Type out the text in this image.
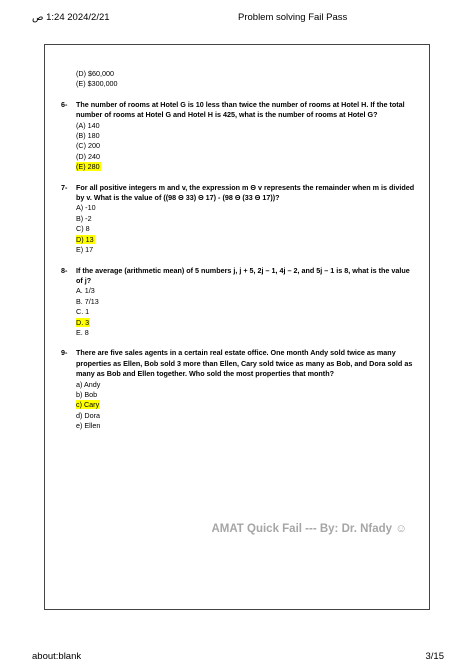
2024/2/21 1:24 ص	Problem solving Fail Pass
(D) $60,000
(E) $300,000
6-	The number of rooms at Hotel G is 10 less than twice the number of rooms at Hotel H. If the total number of rooms at Hotel G and Hotel H is 425, what is the number of rooms at Hotel G?
(A) 140
(B) 180
(C) 200
(D) 240
(E) 280
7-	For all positive integers m and v, the expression m Θ v represents the remainder when m is divided by v. What is the value of ((98 Θ 33) Θ 17) - (98 Θ (33 Θ 17))?
A) -10
B) -2
C) 8
D) 13
E) 17
8-	If the average (arithmetic mean) of 5 numbers j, j + 5, 2j – 1, 4j – 2, and 5j – 1 is 8, what is the value of j?
A. 1/3
B. 7/13
C. 1
D. 3
E. 8
9-	There are five sales agents in a certain real estate office. One month Andy sold twice as many properties as Ellen, Bob sold 3 more than Ellen, Cary sold twice as many as Bob, and Dora sold as many as Bob and Ellen together. Who sold the most properties that month?
a) Andy
b) Bob
c) Cary
d) Dora
e) Ellen
AMAT Quick Fail --- By: Dr. Nfady ☺
about:blank	3/15
